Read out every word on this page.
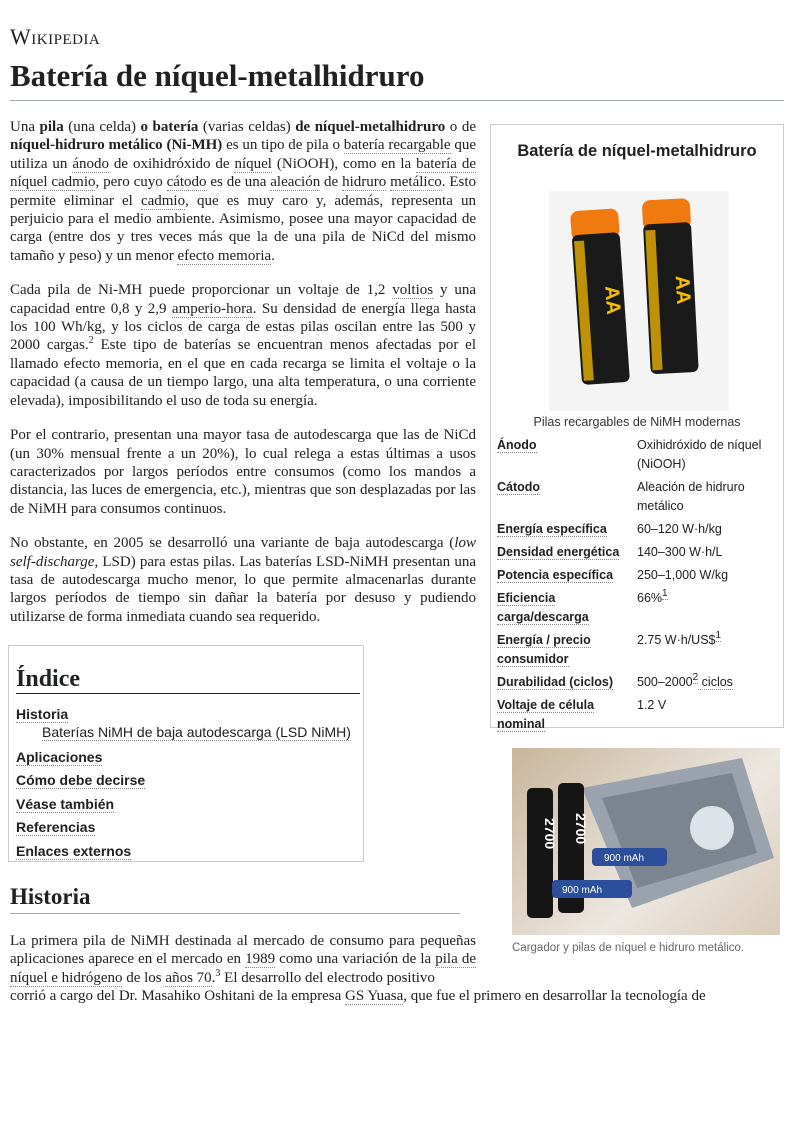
Wikipedia
Batería de níquel-metalhidruro

Una pila (una celda) o batería (varias celdas) de níquel-metalhidruro o de níquel-hidruro metálico (Ni-MH) es un tipo de pila o batería recargable que utiliza un ánodo de oxihidróxido de níquel (NiOOH), como en la batería de níquel cadmio, pero cuyo cátodo es de una aleación de hidruro metálico. Esto permite eliminar el cadmio, que es muy caro y, además, representa un perjuicio para el medio ambiente. Asimismo, posee una mayor capacidad de carga (entre dos y tres veces más que la de una pila de NiCd del mismo tamaño y peso) y un menor efecto memoria.

Cada pila de Ni-MH puede proporcionar un voltaje de 1,2 voltios y una capacidad entre 0,8 y 2,9 amperio-hora. Su densidad de energía llega hasta los 100 Wh/kg, y los ciclos de carga de estas pilas oscilan entre las 500 y 2000 cargas.$^2$ Este tipo de baterías se encuentran menos afectadas por el llamado efecto memoria, en el que en cada recarga se limita el voltaje o la capacidad (a causa de un tiempo largo, una alta temperatura, o una corriente elevada), imposibilitando el uso de toda su energía.

Por el contrario, presentan una mayor tasa de autodescarga que las de NiCd (un 30% mensual frente a un 20%), lo cual relega a estas últimas a usos caracterizados por largos períodos entre consumos (como los mandos a distancia, las luces de emergencia, etc.), mientras que son desplazadas por las de NiMH para consumos continuos.

No obstante, en 2005 se desarrolló una variante de baja autodescarga (low self-discharge, LSD) para estas pilas. Las baterías LSD-NiMH presentan una tasa de autodescarga mucho menor, lo que permite almacenarlas durante largos períodos de tiempo sin dañar la batería por desuso y pudiendo utilizarse de forma inmediata cuando sea requerido.

Batería de níquel-metalhidruro
AA AA
Pilas recargables de NiMH modernas
Ánodo	Oxihidróxido de níquel (NiOOH)
Cátodo	Aleación de hidruro metálico
Energía específica	60–120 W·h/kg
Densidad energética	140–300 W·h/L
Potencia específica	250–1,000 W/kg
Eficiencia carga/descarga	66%$^1$
Energía / precio consumidor	2.75 W·h/US\$$^1$
Durabilidad (ciclos)	500–2000$^2$ ciclos
Voltaje de célula nominal	1.2 V
Índice
Historia
Baterías NiMH de baja autodescarga (LSD NiMH)
Aplicaciones
Cómo debe decirse
Véase también
Referencias
Enlaces externos
2700 2700
900 mAh
900 mAh
Cargador y pilas de níquel e hidruro metálico.
Historia
La primera pila de NiMH destinada al mercado de consumo para pequeñas aplicaciones aparece en el mercado en 1989 como una variación de la pila de níquel e hidrógeno de los años 70.$^3$ El desarrollo del electrodo positivo
corrió a cargo del Dr. Masahiko Oshitani de la empresa GS Yuasa, que fue el primero en desarrollar la tecnología de
